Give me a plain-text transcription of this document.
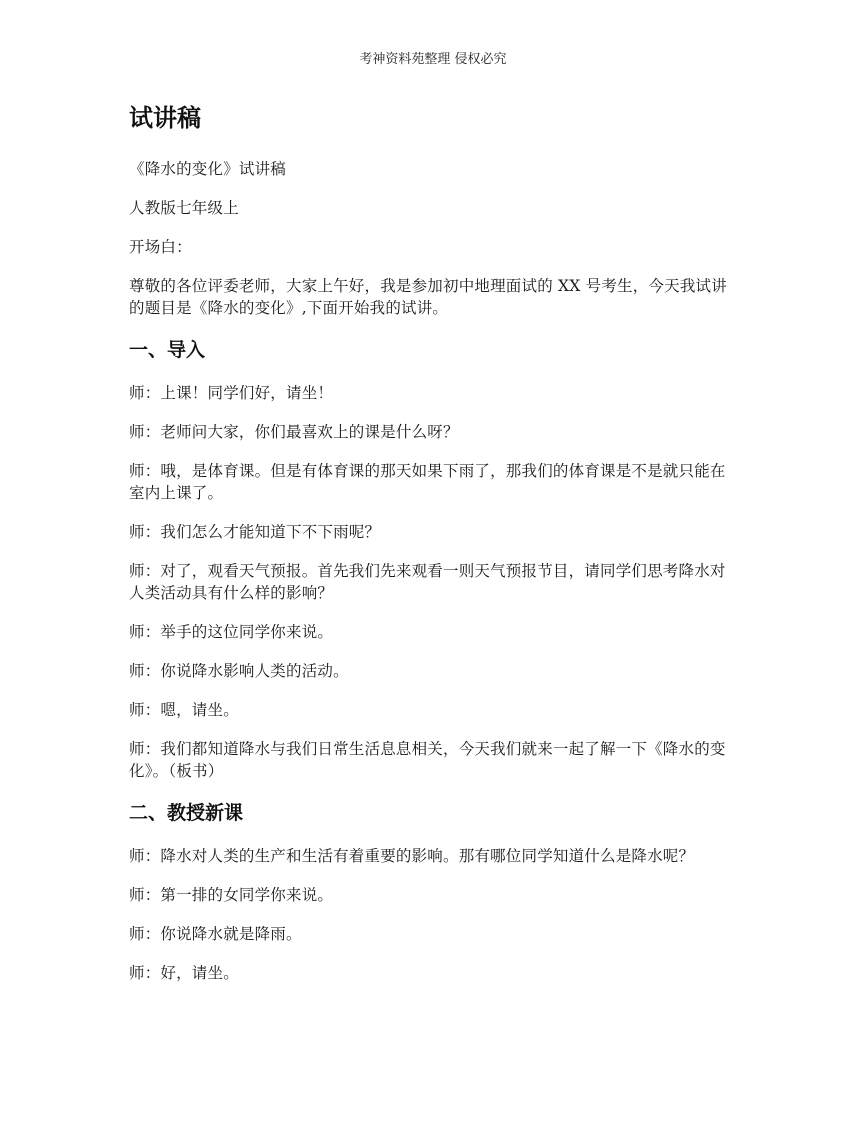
考神资料苑整理 侵权必究
试讲稿

《降水的变化》试讲稿

人教版七年级上

开场白：

尊敬的各位评委老师，大家上午好，我是参加初中地理面试的 XX 号考生，今天我试讲的题目是《降水的变化》,下面开始我的试讲。

一、导入

师：上课！同学们好，请坐！

师：老师问大家，你们最喜欢上的课是什么呀？

师：哦，是体育课。但是有体育课的那天如果下雨了，那我们的体育课是不是就只能在室内上课了。

师：我们怎么才能知道下不下雨呢？

师：对了，观看天气预报。首先我们先来观看一则天气预报节目，请同学们思考降水对人类活动具有什么样的影响？

师：举手的这位同学你来说。

师：你说降水影响人类的活动。

师：嗯，请坐。

师：我们都知道降水与我们日常生活息息相关，今天我们就来一起了解一下《降水的变化》。（板书）

二、教授新课

师：降水对人类的生产和生活有着重要的影响。那有哪位同学知道什么是降水呢？

师：第一排的女同学你来说。

师：你说降水就是降雨。

师：好，请坐。
